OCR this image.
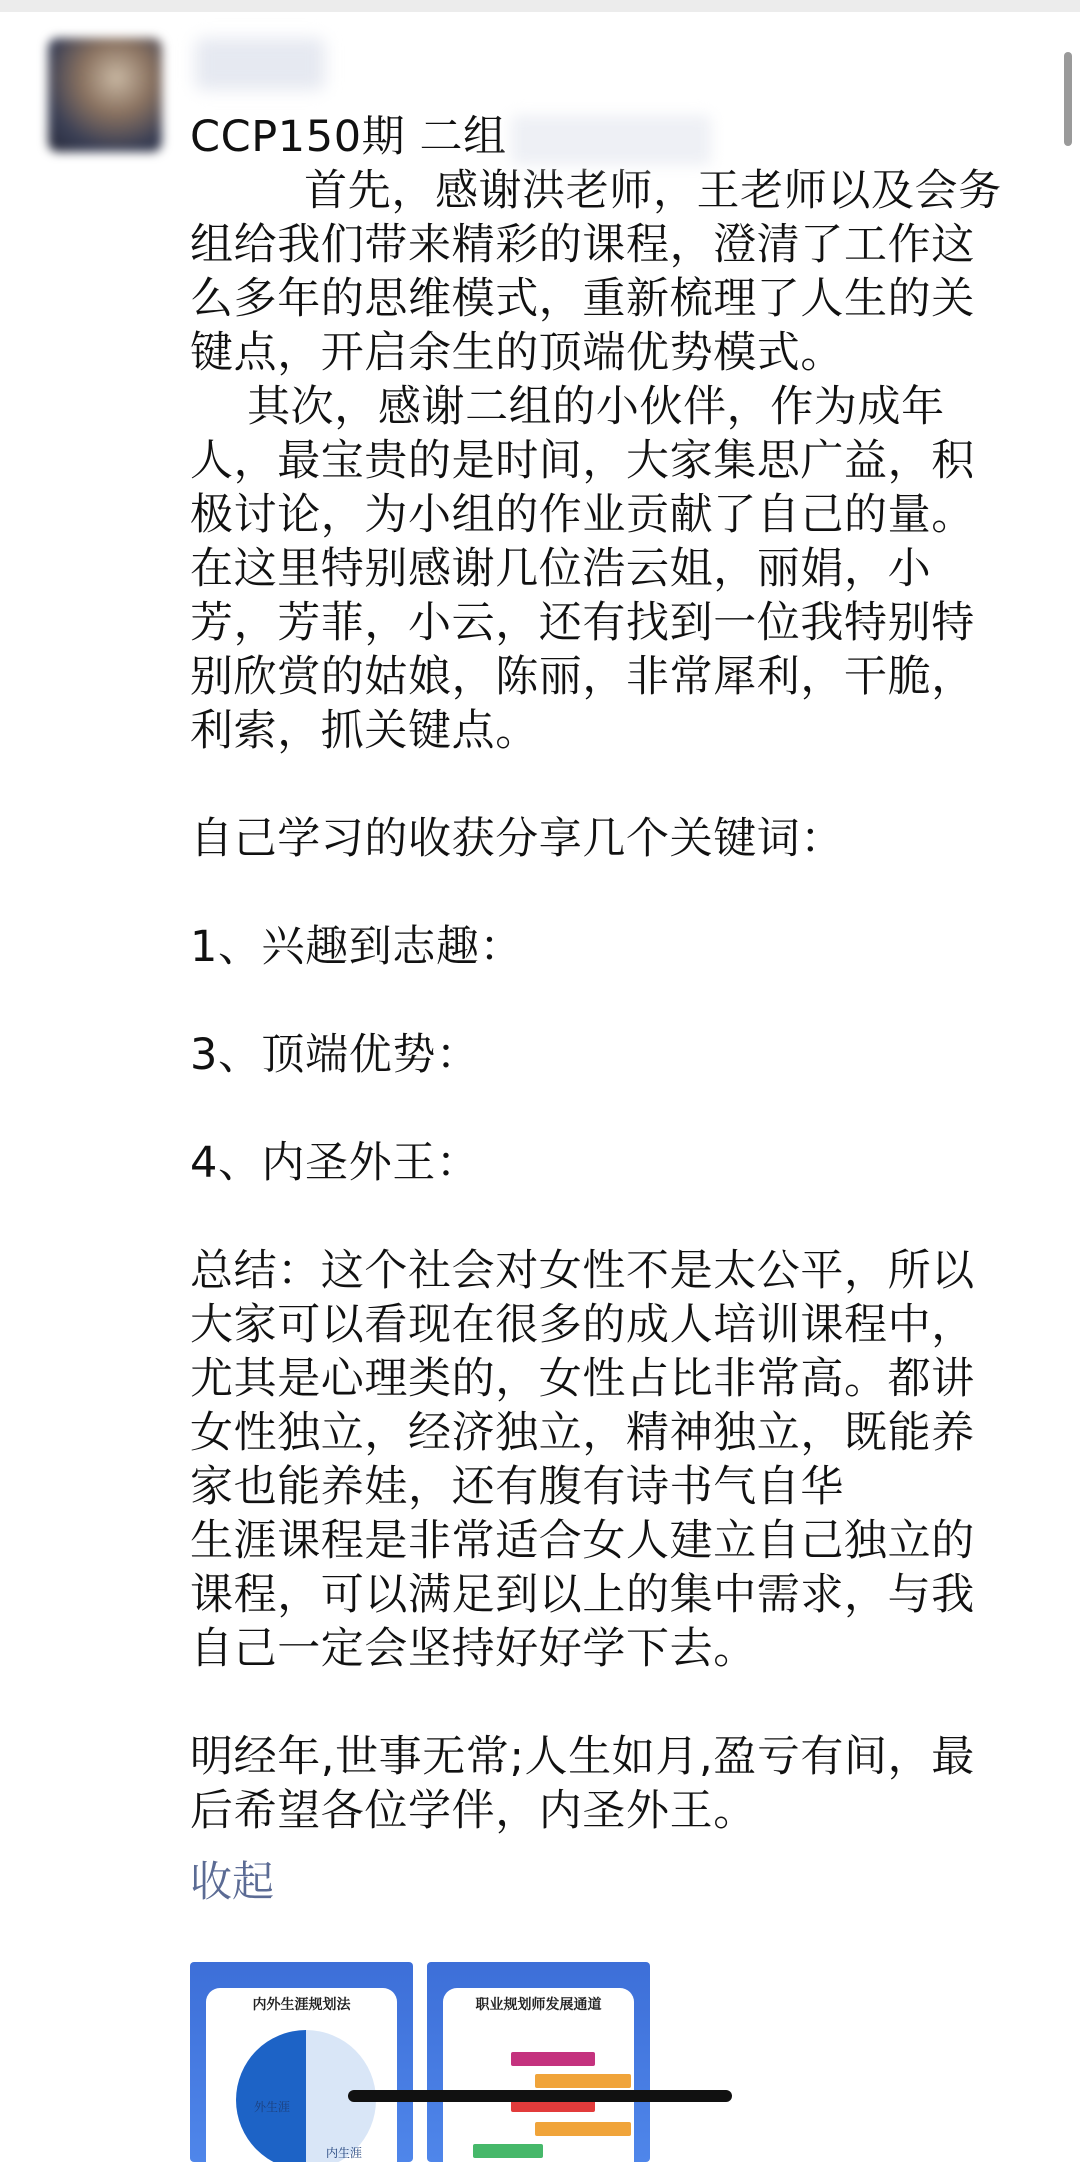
CCP150期 二组
首先，感谢洪老师，王老师以及会务
组给我们带来精彩的课程，澄清了工作这
么多年的思维模式，重新梳理了人生的关
键点，开启余生的顶端优势模式。
其次，感谢二组的小伙伴，作为成年
人，最宝贵的是时间，大家集思广益，积
极讨论，为小组的作业贡献了自己的量。
在这里特别感谢几位浩云姐，丽娟，小
芳，芳菲，小云，还有找到一位我特别特
别欣赏的姑娘，陈丽，非常犀利，干脆，
利索，抓关键点。
自己学习的收获分享几个关键词：
1、兴趣到志趣：
3、顶端优势：
4、内圣外王：
总结：这个社会对女性不是太公平，所以
大家可以看现在很多的成人培训课程中，
尤其是心理类的，女性占比非常高。都讲
女性独立，经济独立，精神独立，既能养
家也能养娃，还有腹有诗书气自华
生涯课程是非常适合女人建立自己独立的
课程，可以满足到以上的集中需求，与我
自己一定会坚持好好学下去。
明经年,世事无常;人生如月,盈亏有间，最
后希望各位学伴，内圣外王。
收起
内外生涯规划法
外生涯
内生涯
职业规划师发展通道
